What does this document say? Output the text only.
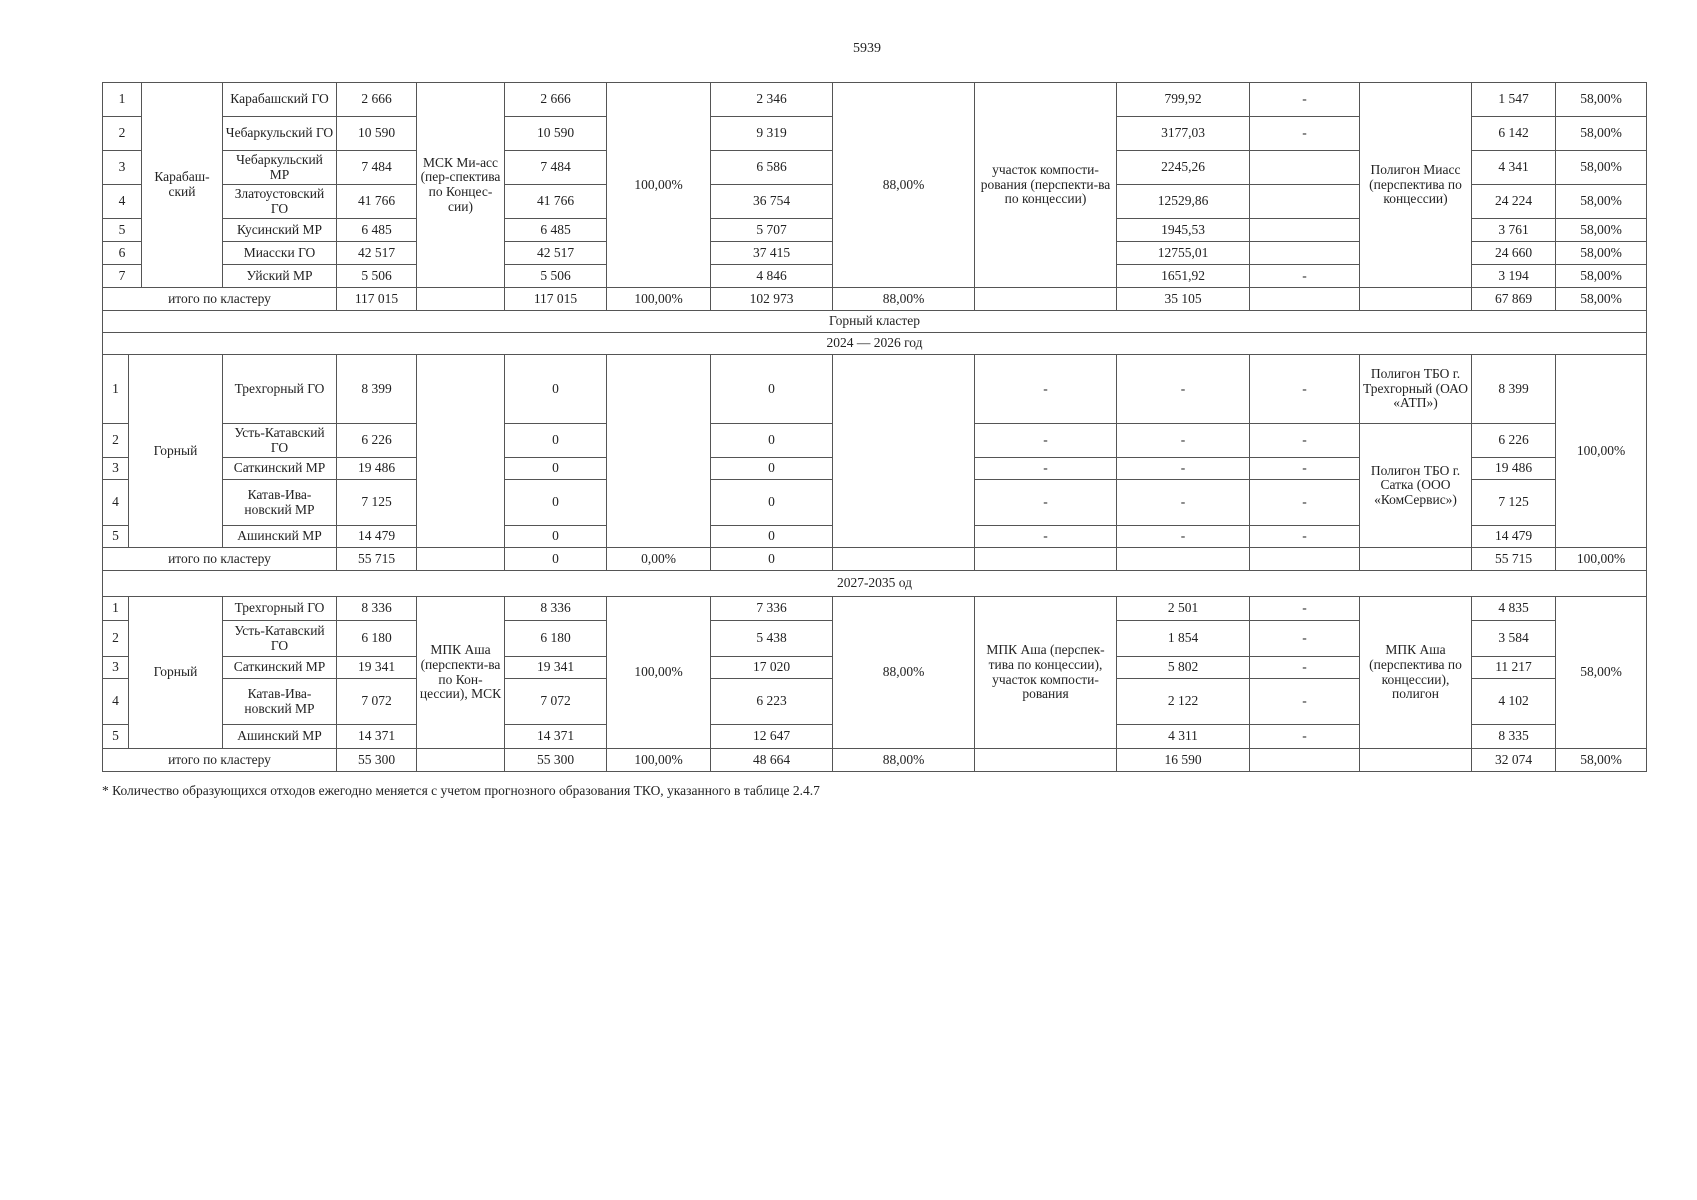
5939
1	Карабаш-ский	Карабашский ГО	2 666	МСК Ми-асс (пер-спектива по Концес-сии)	2 666	100,00%	2 346	88,00%	участок компости-рования (перспекти-ва по концессии)	799,92	-	Полигон Миасс (перспектива по концессии)	1 547	58,00%
2		Чебаркульский ГО	10 590		10 590		9 319			3177,03	-		6 142	58,00%
3		Чебаркульский МР	7 484		7 484		6 586			2245,26			4 341	58,00%
4		Златоустовский ГО	41 766		41 766		36 754			12529,86			24 224	58,00%
5		Кусинский МР	6 485		6 485		5 707			1945,53			3 761	58,00%
6		Миасски ГО	42 517		42 517		37 415			12755,01			24 660	58,00%
7		Уйский МР	5 506		5 506		4 846			1651,92	-		3 194	58,00%
итого по кластеру			117 015		117 015	100,00%	102 973	88,00%		35 105			67 869	58,00%
Горный кластер														
2024 — 2026 год														
1	Горный	Трехгорный ГО	8 399		0		0		-	-	-	Полигон ТБО г. Трехгорный (ОАО «АТП»)	8 399	100,00%
2		Усть-Катавский ГО	6 226		0		0		-	-	-	Полигон ТБО г. Сатка (ООО «КомСервис»)	6 226	
3		Саткинский МР	19 486		0		0		-	-	-		19 486	
4		Катав-Ива-новский МР	7 125		0		0		-	-	-		7 125	
5		Ашинский МР	14 479		0		0		-	-	-		14 479	
итого по кластеру			55 715		0	0,00%	0						55 715	100,00%
2027-2035 од														
1	Горный	Трехгорный ГО	8 336	МПК Аша (перспекти-ва по Кон-цессии), МСК	8 336	100,00%	7 336	88,00%	МПК Аша (перспек-тива по концессии), участок компости-рования	2 501	-	МПК Аша (перспектива по концессии), полигон	4 835	58,00%
2		Усть-Катавский ГО	6 180		6 180		5 438			1 854	-		3 584	
3		Саткинский МР	19 341		19 341		17 020			5 802	-		11 217	
4		Катав-Ива-новский МР	7 072		7 072		6 223			2 122	-		4 102	
5		Ашинский МР	14 371		14 371		12 647			4 311	-		8 335	
итого по кластеру			55 300		55 300	100,00%	48 664	88,00%		16 590			32 074	58,00%
* Количество образующихся отходов ежегодно меняется с учетом прогнозного образования ТКО, указанного в таблице 2.4.7
